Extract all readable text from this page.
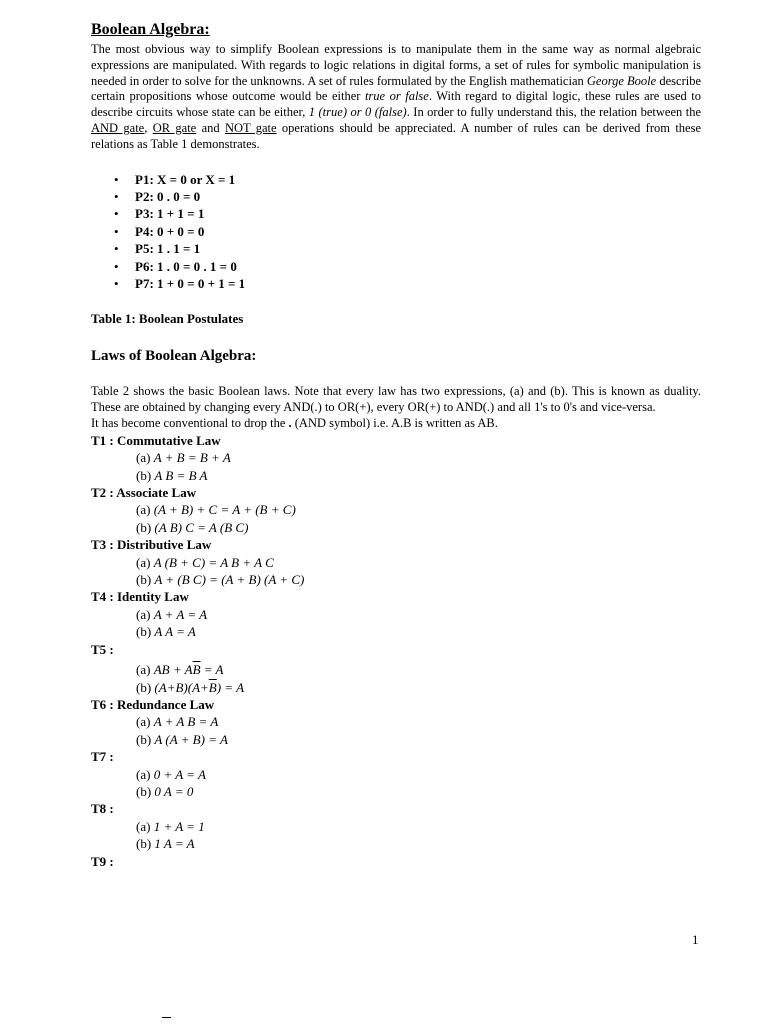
Boolean Algebra:

The most obvious way to simplify Boolean expressions is to manipulate them in the same way as normal algebraic expressions are manipulated. With regards to logic relations in digital forms, a set of rules for symbolic manipulation is needed in order to solve for the unknowns. A set of rules formulated by the English mathematician George Boole describe certain propositions whose outcome would be either true or false. With regard to digital logic, these rules are used to describe circuits whose state can be either, 1 (true) or 0 (false). In order to fully understand this, the relation between the AND gate, OR gate and NOT gate operations should be appreciated. A number of rules can be derived from these relations as Table 1 demonstrates.

• P1: X = 0 or X = 1
• P2: 0 . 0 = 0
• P3: 1 + 1 = 1
• P4: 0 + 0 = 0
• P5: 1 . 1 = 1
• P6: 1 . 0 = 0 . 1 = 0
• P7: 1 + 0 = 0 + 1 = 1
Table 1: Boolean Postulates
Laws of Boolean Algebra:

Table 2 shows the basic Boolean laws. Note that every law has two expressions, (a) and (b). This is known as duality. These are obtained by changing every AND(.) to OR(+), every OR(+) to AND(.) and all 1's to 0's and vice-versa.

It has become conventional to drop the . (AND symbol) i.e. A.B is written as AB.

T1 : Commutative Law
(a) A + B = B + A
(b) A B = B A
T2 : Associate Law
(a) (A + B) + C = A + (B + C)
(b) (A B) C = A (B C)
T3 : Distributive Law
(a) A (B + C) = A B + A C
(b) A + (B C) = (A + B) (A + C)
T4 : Identity Law
(a) A + A = A
(b) A A = A
T5 :
(a) AB + $A\overline{B} = A$
(b) $(A+B)(A+\overline{B}) = A$
T6 : Redundance Law
(a) A + A B = A
(b) A (A + B) = A
T7 :
(a) 0 + A = A
(b) 0 A = 0
T8 :
(a) 1 + A = 1
(b) 1 A = A
T9 :
1
